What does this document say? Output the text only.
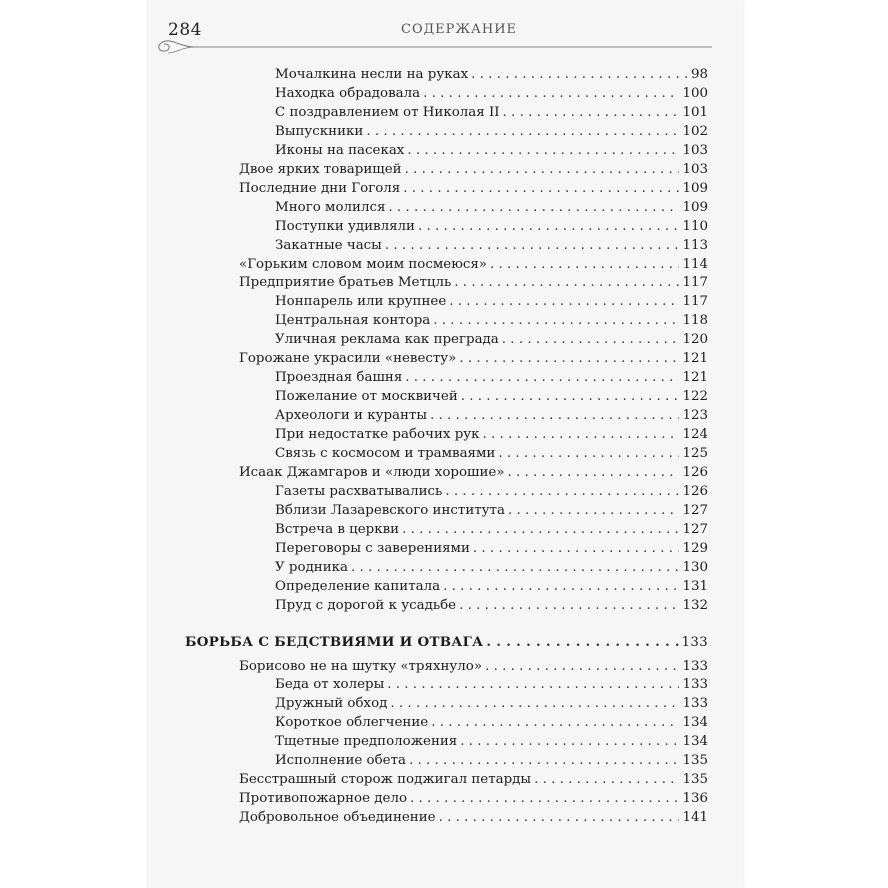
284	СОДЕРЖАНИЕ
Мочалкина несли на руках . . .	98
Находка обрадовала . . .	100
С поздравлением от Николая II . . .	101
Выпускники . . .	102
Иконы на пасеках . . .	103
Двое ярких товарищей . . .	103
Последние дни Гоголя . . .	109
Много молился . . .	109
Поступки удивляли . . .	110
Закатные часы . . .	113
«Горьким словом моим посмеюся» . . .	114
Предприятие братьев Метцль . . .	117
Нонпарель или крупнее . . .	117
Центральная контора . . .	118
Уличная реклама как преграда . . .	120
Горожане украсили «невесту» . . .	121
Проездная башня . . .	121
Пожелание от москвичей . . .	122
Археологи и куранты . . .	123
При недостатке рабочих рук . . .	124
Связь с космосом и трамваями . . .	125
Исаак Джамгаров и «люди хорошие» . . .	126
Газеты расхватывались . . .	126
Вблизи Лазаревского института . . .	127
Встреча в церкви . . .	127
Переговоры с заверениями . . .	129
У родника . . .	130
Определение капитала . . .	131
Пруд с дорогой к усадьбе . . .	132
БОРЬБА С БЕДСТВИЯМИ И ОТВАГА . . .	133
Борисово не на шутку «тряхнуло» . . .	133
Беда от холеры . . .	133
Дружный обход . . .	133
Короткое облегчение . . .	134
Тщетные предположения . . .	134
Исполнение обета . . .	135
Бесстрашный сторож поджигал петарды . . .	135
Противопожарное дело . . .	136
Добровольное объединение . . .	141
